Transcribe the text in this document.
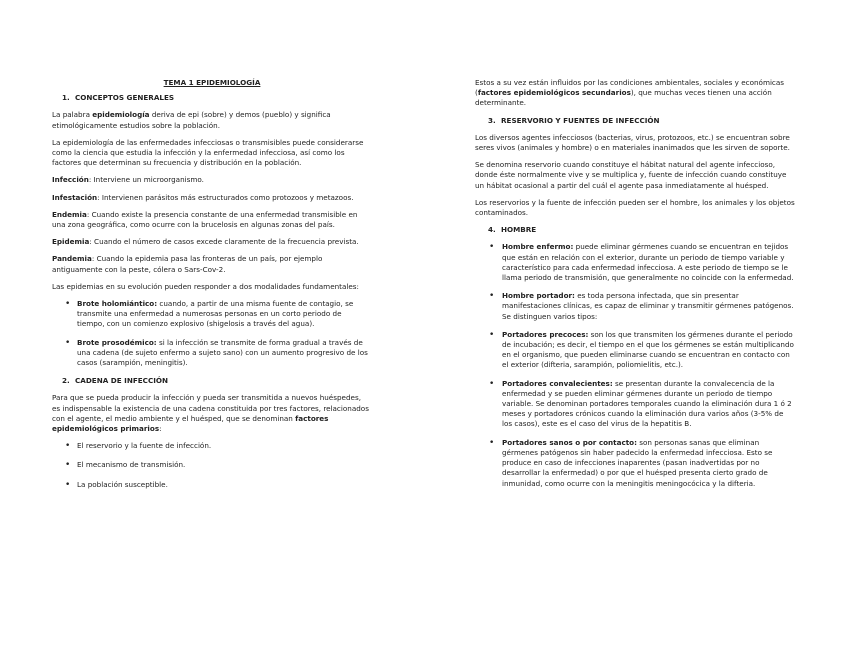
TEMA 1 EPIDEMIOLOGÍA
1. CONCEPTOS GENERALES

La palabra epidemiología deriva de epi (sobre) y demos (pueblo) y significa etimológicamente estudios sobre la población.

La epidemiología de las enfermedades infecciosas o transmisibles puede considerarse como la ciencia que estudia la infección y la enfermedad infecciosa, así como los factores que determinan su frecuencia y distribución en la población.

Infección: Interviene un microorganismo.

Infestación: Intervienen parásitos más estructurados como protozoos y metazoos.

Endemia: Cuando existe la presencia constante de una enfermedad transmisible en una zona geográfica, como ocurre con la brucelosis en algunas zonas del país.

Epidemia: Cuando el número de casos excede claramente de la frecuencia prevista.

Pandemia: Cuando la epidemia pasa las fronteras de un país, por ejemplo antiguamente con la peste, cólera o Sars-Cov-2.

Las epidemias en su evolución pueden responder a dos modalidades fundamentales:

• Brote holomiántico: cuando, a partir de una misma fuente de contagio, se transmite una enfermedad a numerosas personas en un corto periodo de tiempo, con un comienzo explosivo (shigelosis a través del agua).
• Brote prosodémico: si la infección se transmite de forma gradual a través de una cadena (de sujeto enfermo a sujeto sano) con un aumento progresivo de los casos (sarampión, meningitis).
2. CADENA DE INFECCIÓN

Para que se pueda producir la infección y pueda ser transmitida a nuevos huéspedes, es indispensable la existencia de una cadena constituida por tres factores, relacionados con el agente, el medio ambiente y el huésped, que se denominan factores epidemiológicos primarios:

• El reservorio y la fuente de infección.
• El mecanismo de transmisión.
• La población susceptible.

Estos a su vez están influidos por las condiciones ambientales, sociales y económicas (factores epidemiológicos secundarios), que muchas veces tienen una acción determinante.

3. RESERVORIO Y FUENTES DE INFECCIÓN

Los diversos agentes infecciosos (bacterias, virus, protozoos, etc.) se encuentran sobre seres vivos (animales y hombre) o en materiales inanimados que les sirven de soporte.

Se denomina reservorio cuando constituye el hábitat natural del agente infeccioso, donde éste normalmente vive y se multiplica y, fuente de infección cuando constituye un hábitat ocasional a partir del cuál el agente pasa inmediatamente al huésped.

Los reservorios y la fuente de infección pueden ser el hombre, los animales y los objetos contaminados.

4. HOMBRE
• Hombre enfermo: puede eliminar gérmenes cuando se encuentran en tejidos que están en relación con el exterior, durante un periodo de tiempo variable y característico para cada enfermedad infecciosa. A este periodo de tiempo se le llama periodo de transmisión, que generalmente no coincide con la enfermedad.
• Hombre portador: es toda persona infectada, que sin presentar manifestaciones clínicas, es capaz de eliminar y transmitir gérmenes patógenos. Se distinguen varios tipos:
• Portadores precoces: son los que transmiten los gérmenes durante el periodo de incubación; es decir, el tiempo en el que los gérmenes se están multiplicando en el organismo, que pueden eliminarse cuando se encuentran en contacto con el exterior (difteria, sarampión, poliomielitis, etc.).
• Portadores convalecientes: se presentan durante la convalecencia de la enfermedad y se pueden eliminar gérmenes durante un periodo de tiempo variable. Se denominan portadores temporales cuando la eliminación dura 1 ó 2 meses y portadores crónicos cuando la eliminación dura varios años (3-5% de los casos), este es el caso del virus de la hepatitis B.
• Portadores sanos o por contacto: son personas sanas que eliminan gérmenes patógenos sin haber padecido la enfermedad infecciosa. Esto se produce en caso de infecciones inaparentes (pasan inadvertidas por no desarrollar la enfermedad) o por que el huésped presenta cierto grado de inmunidad, como ocurre con la meningitis meningocócica y la difteria.
